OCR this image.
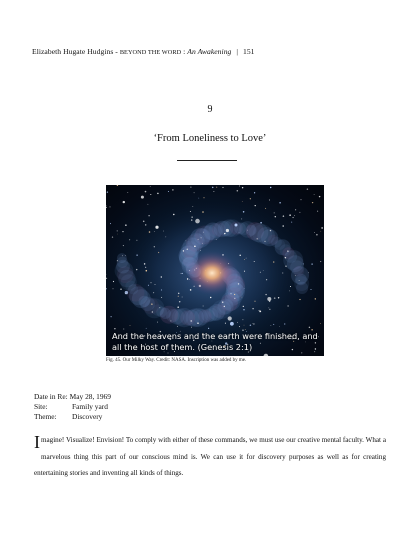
Elizabeth Hugate Hudgins - BEYOND THE WORD : An Awakening | 151
9
‘From Loneliness to Love’
And the heavens and the earth were finished, and all the host of them. (Genesis 2:1)
Fig. 45. Our Milky Way. Credit: NASA. Inscription was added by me.
Date in Re: May 28, 1969
Site:	Family yard
Theme:	Discovery
Imagine! Visualize! Envision! To comply with either of these commands, we must use our creative mental faculty. What a marvelous thing this part of our conscious mind is. We can use it for discovery purposes as well as for creating entertaining stories and inventing all kinds of things.
